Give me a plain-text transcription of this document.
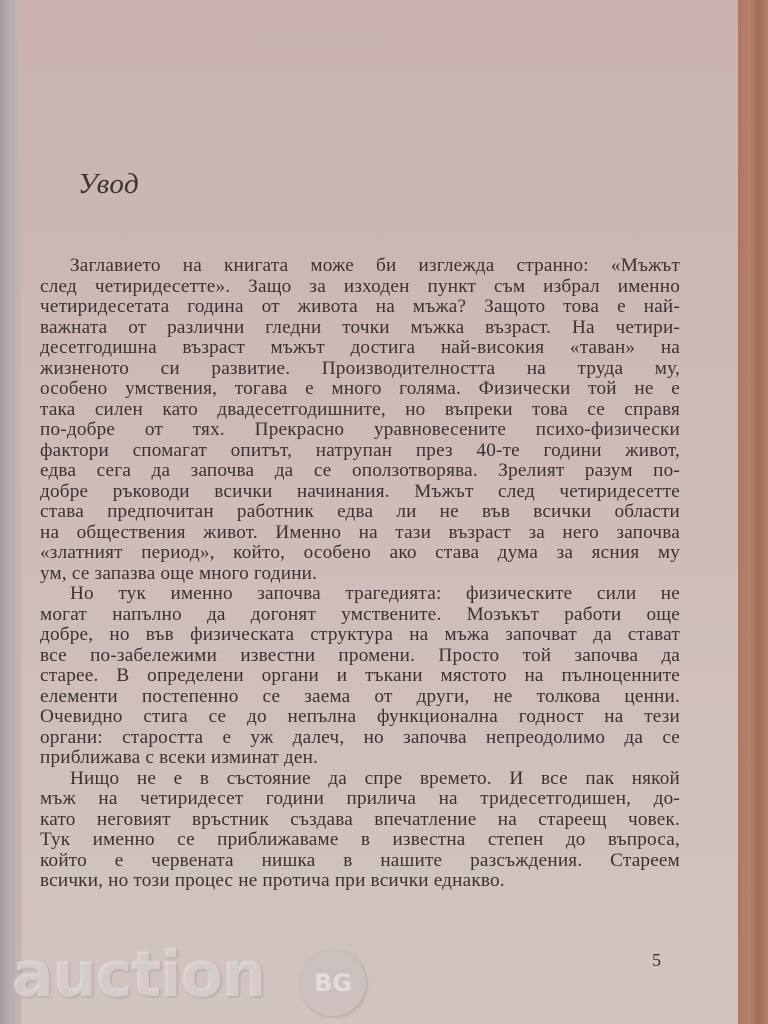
Увод
Заглавието на книгата може би изглежда странно: «Мъжът
след четиридесетте». Защо за изходен пункт съм избрал именно
четиридесетата година от живота на мъжа? Защото това е най-
важната от различни гледни точки мъжка възраст. На четири-
десетгодишна възраст мъжът достига най-високия «таван» на
жизненото си развитие. Производителността на труда му,
особено умствения, тогава е много голяма. Физически той не е
така силен като двадесетгодишните, но въпреки това се справя
по-добре от тях. Прекрасно уравновесените психо-физически
фактори спомагат опитът, натрупан през 40-те години живот,
едва сега да започва да се оползотворява. Зрелият разум по-
добре ръководи всички начинания. Мъжът след четиридесетте
става предпочитан работник едва ли не във всички области
на обществения живот. Именно на тази възраст за него започва
«златният период», който, особено ако става дума за ясния му
ум, се запазва още много години.
Но тук именно започва трагедията: физическите сили не
могат напълно да догонят умствените. Мозъкът работи още
добре, но във физическата структура на мъжа започват да стават
все по-забележими известни промени. Просто той започва да
старее. В определени органи и тъкани мястото на пълноценните
елементи постепенно се заема от други, не толкова ценни.
Очевидно стига се до непълна функционална годност на тези
органи: старостта е уж далеч, но започва непреодолимо да се
приближава с всеки изминат ден.
Нищо не е в състояние да спре времето. И все пак някой
мъж на четиридесет години прилича на тридесетгодишен, до-
като неговият връстник създава впечатление на стареещ човек.
Тук именно се приближаваме в известна степен до въпроса,
който е червената нишка в нашите разсъждения. Стареем
всички, но този процес не протича при всички еднакво.
5
auction	BG
